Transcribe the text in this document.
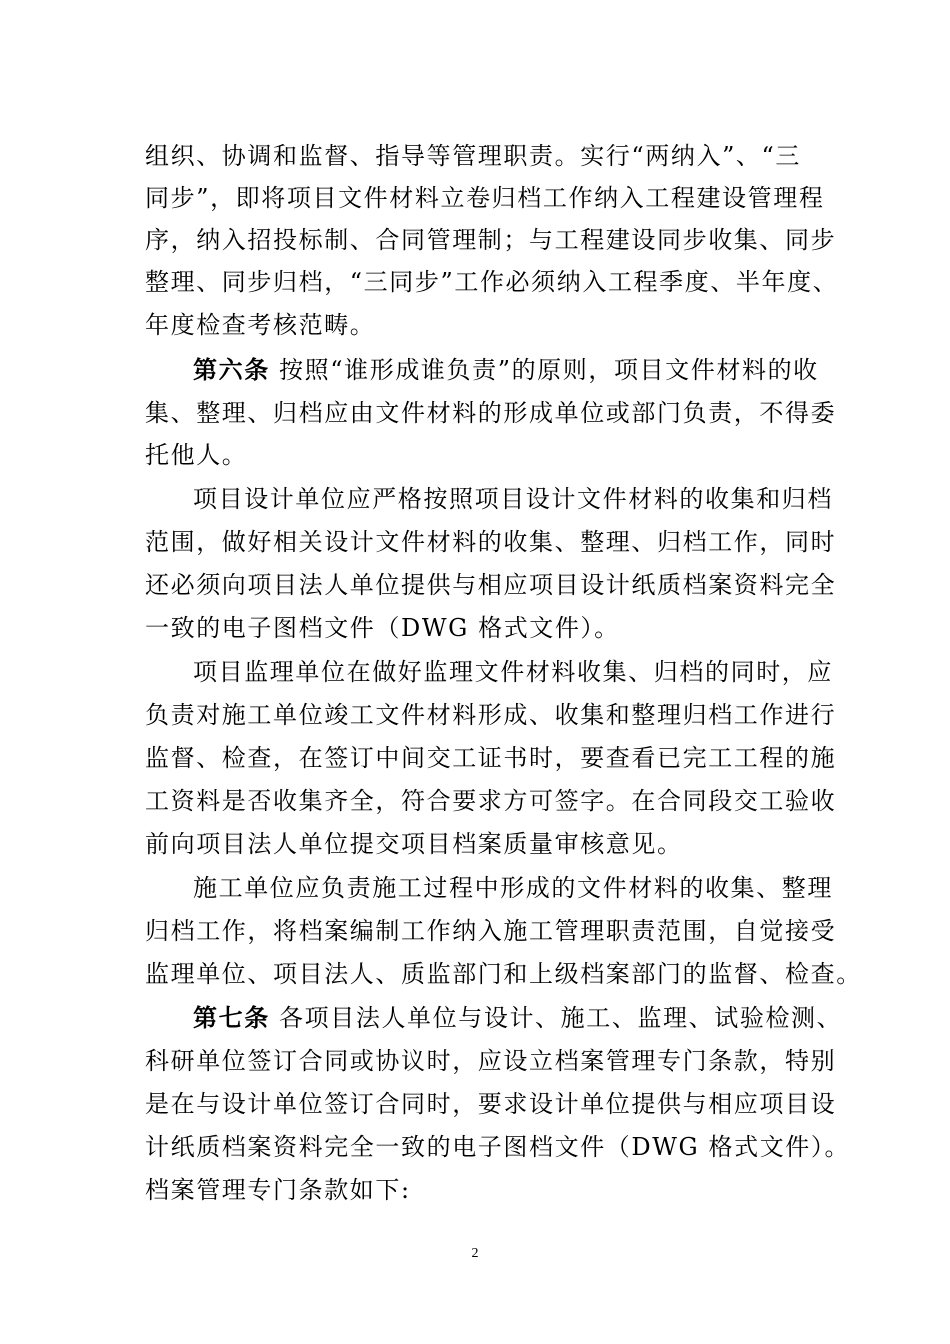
组织、协调和监督、指导等管理职责。实行“两纳入”、“三
同步”，即将项目文件材料立卷归档工作纳入工程建设管理程
序，纳入招投标制、合同管理制；与工程建设同步收集、同步
整理、同步归档，“三同步”工作必须纳入工程季度、半年度、
年度检查考核范畴。
第六条 按照“谁形成谁负责”的原则，项目文件材料的收
集、整理、归档应由文件材料的形成单位或部门负责，不得委
托他人。
项目设计单位应严格按照项目设计文件材料的收集和归档
范围，做好相关设计文件材料的收集、整理、归档工作，同时
还必须向项目法人单位提供与相应项目设计纸质档案资料完全
一致的电子图档文件（DWG 格式文件）。
项目监理单位在做好监理文件材料收集、归档的同时，应
负责对施工单位竣工文件材料形成、收集和整理归档工作进行
监督、检查，在签订中间交工证书时，要查看已完工工程的施
工资料是否收集齐全，符合要求方可签字。在合同段交工验收
前向项目法人单位提交项目档案质量审核意见。
施工单位应负责施工过程中形成的文件材料的收集、整理
归档工作，将档案编制工作纳入施工管理职责范围，自觉接受
监理单位、项目法人、质监部门和上级档案部门的监督、检查。
第七条 各项目法人单位与设计、施工、监理、试验检测、
科研单位签订合同或协议时，应设立档案管理专门条款，特别
是在与设计单位签订合同时，要求设计单位提供与相应项目设
计纸质档案资料完全一致的电子图档文件（DWG 格式文件）。
档案管理专门条款如下:
2
